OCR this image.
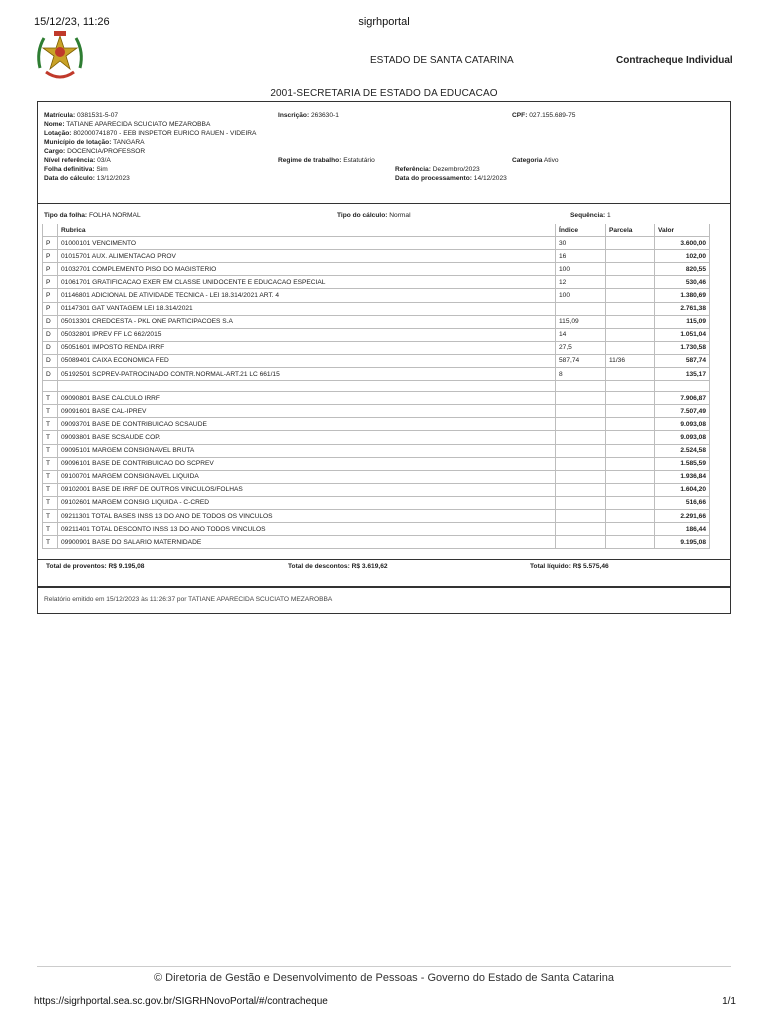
15/12/23, 11:26	sigrhportal
ESTADO DE SANTA CATARINA	Contracheque Individual
2001-SECRETARIA DE ESTADO DA EDUCACAO
Matrícula: 0381531-5-07	Inscrição: 263630-1	CPF: 027.155.689-75
Nome: TATIANE APARECIDA SCUCIATO MEZAROBBA
Lotação: 802000741870 - EEB INSPETOR EURICO RAUEN - VIDEIRA
Município de lotação: TANGARA
Cargo: DOCENCIA/PROFESSOR
Nível referência: 03/A	Regime de trabalho: Estatutário	Categoria Ativo
Folha definitiva: Sim	Referência: Dezembro/2023
Data do cálculo: 13/12/2023	Data do processamento: 14/12/2023
Tipo da folha: FOLHA NORMAL	Tipo do cálculo: Normal	Sequência: 1
	Rubrica	Índice	Parcela	Valor
P	01000101 VENCIMENTO	30		3.600,00
P	01015701 AUX. ALIMENTACAO PROV	16		102,00
P	01032701 COMPLEMENTO PISO DO MAGISTERIO	100		820,55
P	01061701 GRATIFICACAO EXER EM CLASSE UNIDOCENTE E EDUCACAO ESPECIAL	12		530,46
P	01146801 ADICIONAL DE ATIVIDADE TECNICA - LEI 18.314/2021 ART. 4	100		1.380,69
P	01147301 GAT VANTAGEM LEI 18.314/2021			2.761,38
D	05013301 CREDCESTA - PKL ONE PARTICIPACOES S.A	115,09		115,09
D	05032801 IPREV FF LC 662/2015	14		1.051,04
D	05051601 IMPOSTO RENDA IRRF	27,5		1.730,58
D	05089401 CAIXA ECONOMICA FED	587,74	11/36	587,74
D	05192501 SCPREV-PATROCINADO CONTR.NORMAL-ART.21 LC 661/15	8		135,17

T	09090801 BASE CALCULO IRRF			7.906,87
T	09091601 BASE CAL-IPREV			7.507,49
T	09093701 BASE DE CONTRIBUICAO SCSAUDE			9.093,08
T	09093801 BASE SCSAUDE COP.			9.093,08
T	09095101 MARGEM CONSIGNAVEL BRUTA			2.524,58
T	09096101 BASE DE CONTRIBUICAO DO SCPREV			1.585,59
T	09100701 MARGEM CONSIGNAVEL LIQUIDA			1.936,84
T	09102001 BASE DE IRRF DE OUTROS VINCULOS/FOLHAS			1.604,20
T	09102601 MARGEM CONSIG LIQUIDA - C-CRED			516,66
T	09211301 TOTAL BASES INSS 13 DO ANO DE TODOS OS VINCULOS			2.291,66
T	09211401 TOTAL DESCONTO INSS 13 DO ANO TODOS VINCULOS			186,44
T	09900901 BASE DO SALARIO MATERNIDADE			9.195,08
Total de proventos: R$ 9.195,08	Total de descontos: R$ 3.619,62	Total líquido: R$ 5.575,46
Relatório emitido em 15/12/2023 às 11:26:37 por TATIANE APARECIDA SCUCIATO MEZAROBBA
© Diretoria de Gestão e Desenvolvimento de Pessoas - Governo do Estado de Santa Catarina
https://sigrhportal.sea.sc.gov.br/SIGRHNovoPortal/#/contracheque	1/1
